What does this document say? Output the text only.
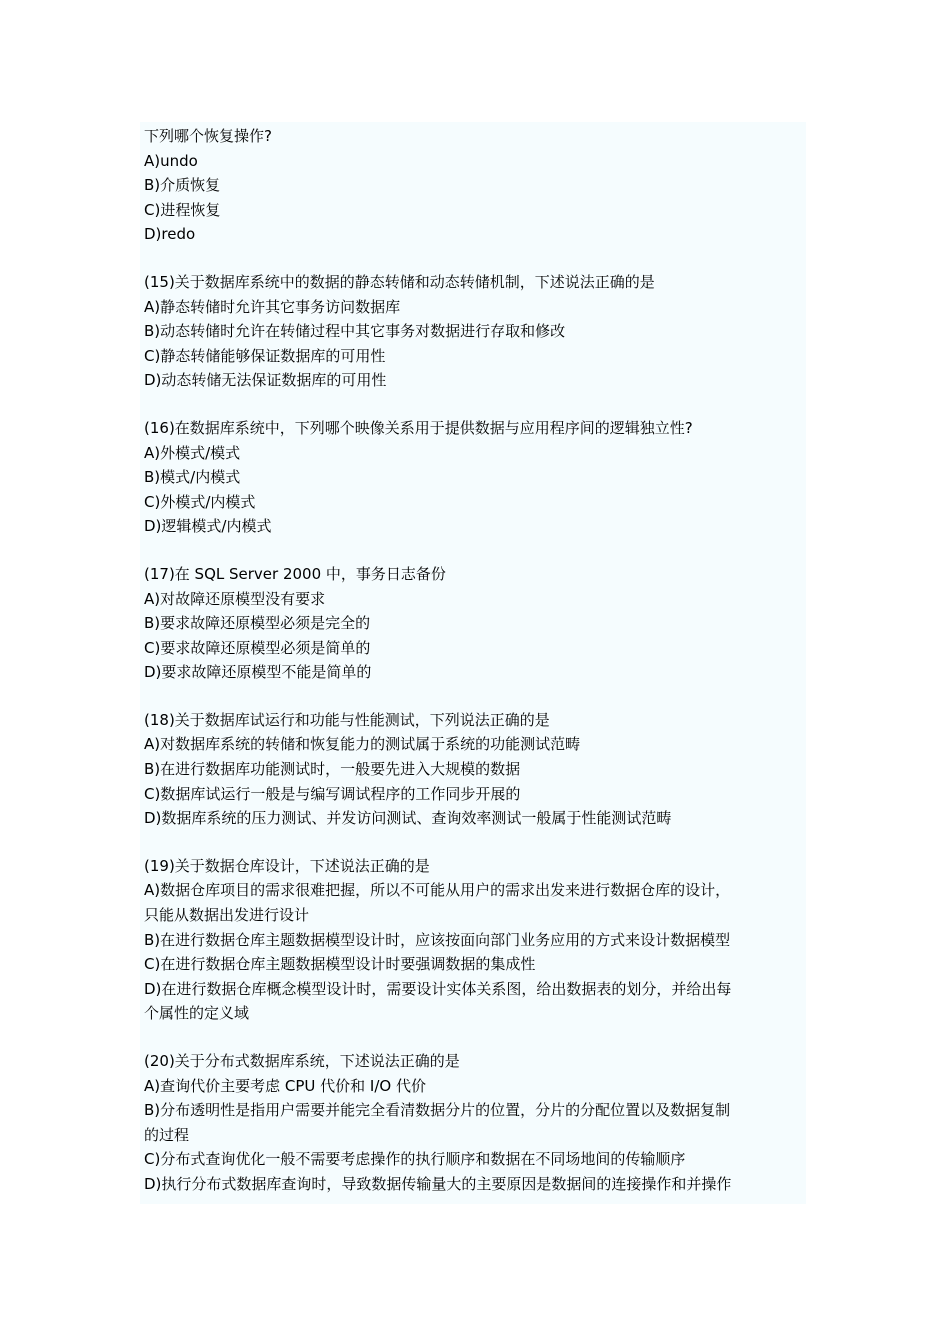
下列哪个恢复操作?
A)undo
B)介质恢复
C)进程恢复
D)redo
(15)关于数据库系统中的数据的静态转储和动态转储机制，下述说法正确的是
A)静态转储时允许其它事务访问数据库
B)动态转储时允许在转储过程中其它事务对数据进行存取和修改
C)静态转储能够保证数据库的可用性
D)动态转储无法保证数据库的可用性
(16)在数据库系统中，下列哪个映像关系用于提供数据与应用程序间的逻辑独立性?
A)外模式/模式
B)模式/内模式
C)外模式/内模式
D)逻辑模式/内模式
(17)在 SQL Server 2000 中，事务日志备份
A)对故障还原模型没有要求
B)要求故障还原模型必须是完全的
C)要求故障还原模型必须是简单的
D)要求故障还原模型不能是简单的
(18)关于数据库试运行和功能与性能测试，下列说法正确的是
A)对数据库系统的转储和恢复能力的测试属于系统的功能测试范畴
B)在进行数据库功能测试时，一般要先进入大规模的数据
C)数据库试运行一般是与编写调试程序的工作同步开展的
D)数据库系统的压力测试、并发访问测试、查询效率测试一般属于性能测试范畴
(19)关于数据仓库设计，下述说法正确的是
A)数据仓库项目的需求很难把握，所以不可能从用户的需求出发来进行数据仓库的设计，
只能从数据出发进行设计
B)在进行数据仓库主题数据模型设计时，应该按面向部门业务应用的方式来设计数据模型
C)在进行数据仓库主题数据模型设计时要强调数据的集成性
D)在进行数据仓库概念模型设计时，需要设计实体关系图，给出数据表的划分，并给出每
个属性的定义域
(20)关于分布式数据库系统，下述说法正确的是
A)查询代价主要考虑 CPU 代价和 I/O 代价
B)分布透明性是指用户需要并能完全看清数据分片的位置，分片的分配位置以及数据复制
的过程
C)分布式查询优化一般不需要考虑操作的执行顺序和数据在不同场地间的传输顺序
D)执行分布式数据库查询时，导致数据传输量大的主要原因是数据间的连接操作和并操作
